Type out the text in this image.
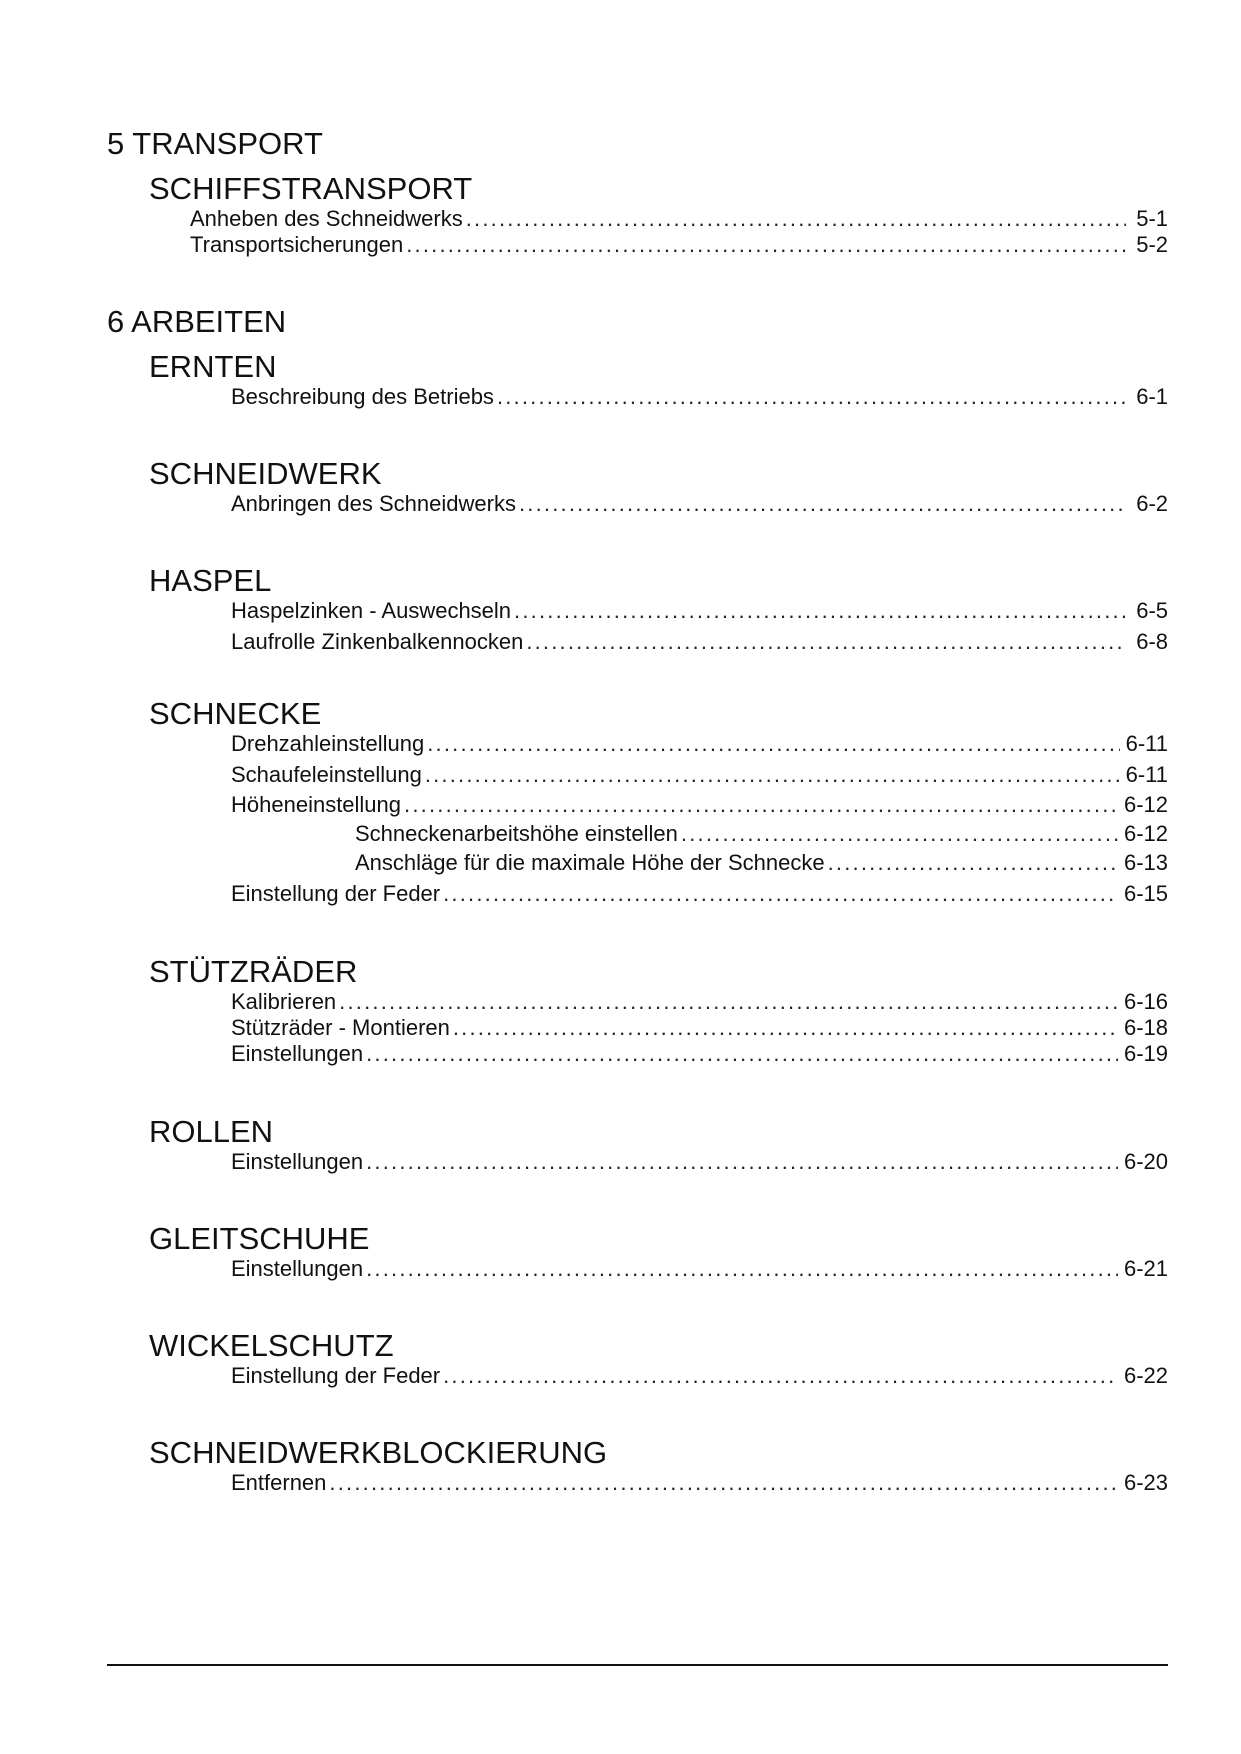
5 TRANSPORT
SCHIFFSTRANSPORT
Anheben des Schneidwerks .....	5-1
Transportsicherungen .....	5-2
6 ARBEITEN
ERNTEN
Beschreibung des Betriebs .....	6-1
SCHNEIDWERK
Anbringen des Schneidwerks .....	6-2
HASPEL
Haspelzinken - Auswechseln .....	6-5
Laufrolle Zinkenbalkennocken .....	6-8
SCHNECKE
Drehzahleinstellung .....	6-11
Schaufeleinstellung .....	6-11
Höheneinstellung .....	6-12
Schneckenarbeitshöhe einstellen .....	6-12
Anschläge für die maximale Höhe der Schnecke .....	6-13
Einstellung der Feder .....	6-15
STÜTZRÄDER
Kalibrieren .....	6-16
Stützräder - Montieren .....	6-18
Einstellungen .....	6-19
ROLLEN
Einstellungen .....	6-20
GLEITSCHUHE
Einstellungen .....	6-21
WICKELSCHUTZ
Einstellung der Feder .....	6-22
SCHNEIDWERKBLOCKIERUNG
Entfernen .....	6-23
